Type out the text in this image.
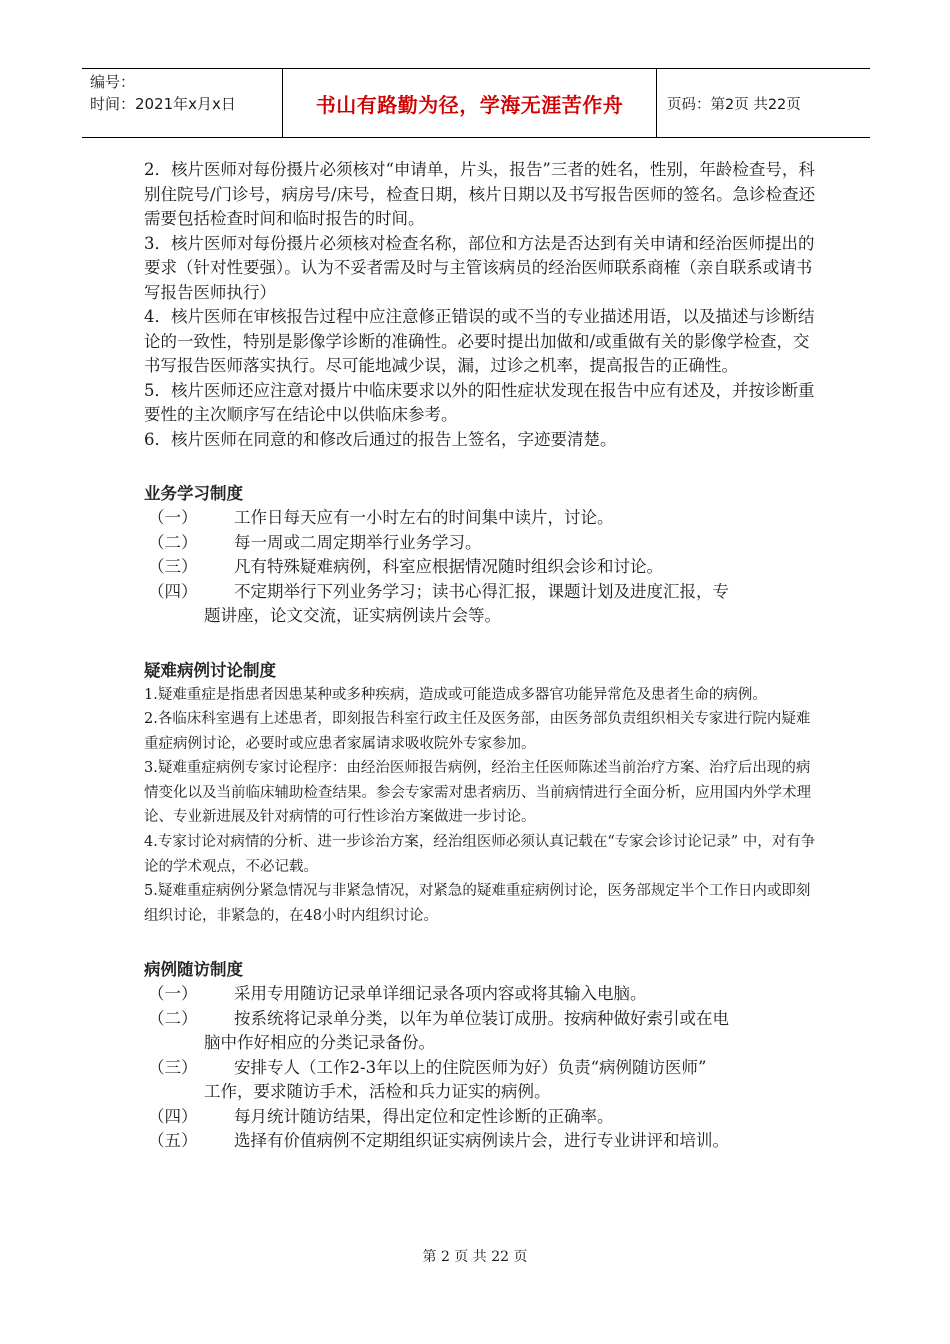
编号：
时间：2021年x月x日	书山有路勤为径，学海无涯苦作舟	页码：第2页 共22页

2．核片医师对每份摄片必须核对“申请单，片头，报告”三者的姓名，性别，年龄检查号，科别住院号/门诊号，病房号/床号，检查日期，核片日期以及书写报告医师的签名。急诊检查还需要包括检查时间和临时报告的时间。

3．核片医师对每份摄片必须核对检查名称，部位和方法是否达到有关申请和经治医师提出的要求（针对性要强）。认为不妥者需及时与主管该病员的经治医师联系商榷（亲自联系或请书写报告医师执行）

4．核片医师在审核报告过程中应注意修正错误的或不当的专业描述用语，以及描述与诊断结论的一致性，特别是影像学诊断的准确性。必要时提出加做和/或重做有关的影像学检查，交书写报告医师落实执行。尽可能地减少误，漏，过诊之机率，提高报告的正确性。

5．核片医师还应注意对摄片中临床要求以外的阳性症状发现在报告中应有述及，并按诊断重要性的主次顺序写在结论中以供临床参考。

6．核片医师在同意的和修改后通过的报告上签名，字迹要清楚。

业务学习制度

（一）	工作日每天应有一小时左右的时间集中读片，讨论。
（二）	每一周或二周定期举行业务学习。
（三）	凡有特殊疑难病例，科室应根据情况随时组织会诊和讨论。
（四） 不定期举行下列业务学习；读书心得汇报，课题计划及进度汇报，专
题讲座，论文交流，证实病例读片会等。

疑难病例讨论制度

1.疑难重症是指患者因患某种或多种疾病，造成或可能造成多器官功能异常危及患者生命的病例。

2.各临床科室遇有上述患者，即刻报告科室行政主任及医务部，由医务部负责组织相关专家进行院内疑难重症病例讨论，必要时或应患者家属请求吸收院外专家参加。

3.疑难重症病例专家讨论程序：由经治医师报告病例，经治主任医师陈述当前治疗方案、治疗后出现的病情变化以及当前临床辅助检查结果。参会专家需对患者病历、当前病情进行全面分析，应用国内外学术理论、专业新进展及针对病情的可行性诊治方案做进一步讨论。

4.专家讨论对病情的分析、进一步诊治方案，经治组医师必须认真记载在“专家会诊讨论记录” 中，对有争论的学术观点，不必记载。

5.疑难重症病例分紧急情况与非紧急情况，对紧急的疑难重症病例讨论，医务部规定半个工作日内或即刻组织讨论，非紧急的，在48小时内组织讨论。

病例随访制度

（一）	采用专用随访记录单详细记录各项内容或将其输入电脑。
（二） 按系统将记录单分类，以年为单位装订成册。按病种做好索引或在电
脑中作好相应的分类记录备份。
（三） 安排专人（工作2-3年以上的住院医师为好）负责“病例随访医师”
工作，要求随访手术，活检和兵力证实的病例。
（四）	每月统计随访结果，得出定位和定性诊断的正确率。
（五）	选择有价值病例不定期组织证实病例读片会，进行专业讲评和培训。
第 2 页 共 22 页
